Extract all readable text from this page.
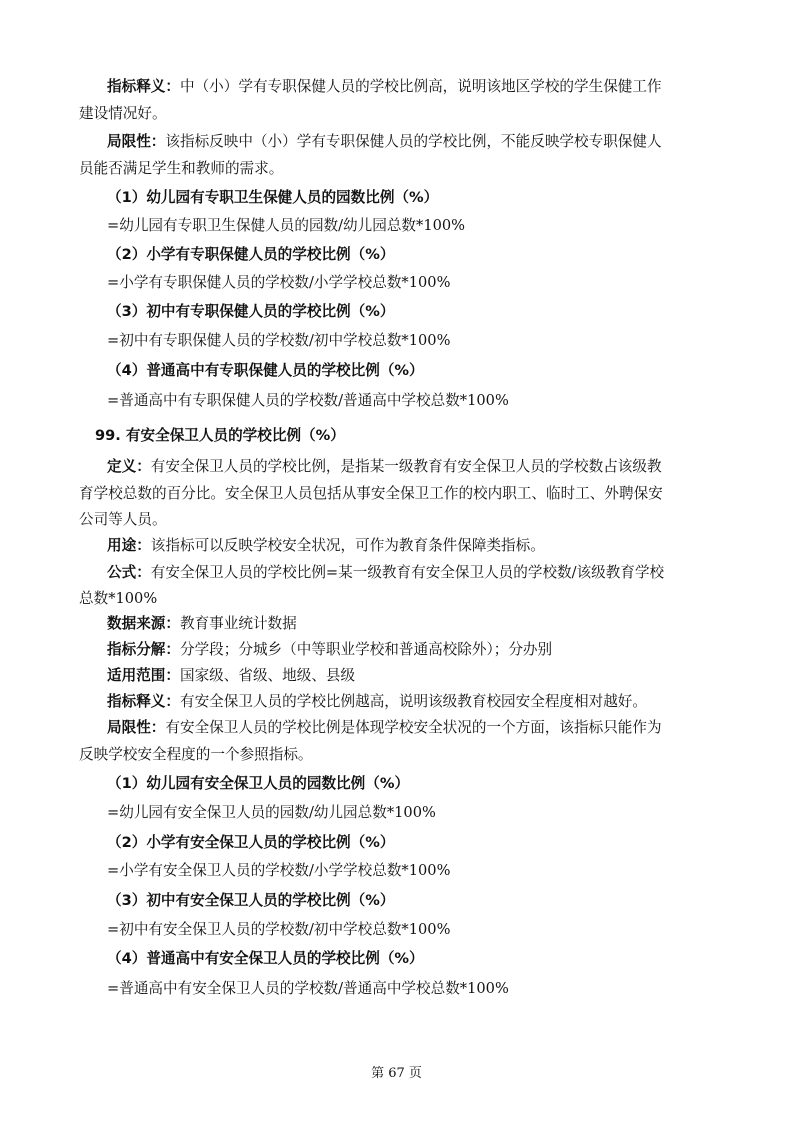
指标释义：中（小）学有专职保健人员的学校比例高，说明该地区学校的学生保健工作
建设情况好。
局限性：该指标反映中（小）学有专职保健人员的学校比例，不能反映学校专职保健人
员能否满足学生和教师的需求。
（1）幼儿园有专职卫生保健人员的园数比例（%）
=幼儿园有专职卫生保健人员的园数/幼儿园总数*100%
（2）小学有专职保健人员的学校比例（%）
=小学有专职保健人员的学校数/小学学校总数*100%
（3）初中有专职保健人员的学校比例（%）
=初中有专职保健人员的学校数/初中学校总数*100%
（4）普通高中有专职保健人员的学校比例（%）
=普通高中有专职保健人员的学校数/普通高中学校总数*100%
99. 有安全保卫人员的学校比例（%）
定义：有安全保卫人员的学校比例，是指某一级教育有安全保卫人员的学校数占该级教
育学校总数的百分比。安全保卫人员包括从事安全保卫工作的校内职工、临时工、外聘保安
公司等人员。
用途：该指标可以反映学校安全状况，可作为教育条件保障类指标。
公式：有安全保卫人员的学校比例=某一级教育有安全保卫人员的学校数/该级教育学校
总数*100%
数据来源：教育事业统计数据
指标分解：分学段；分城乡（中等职业学校和普通高校除外）；分办别
适用范围：国家级、省级、地级、县级
指标释义：有安全保卫人员的学校比例越高，说明该级教育校园安全程度相对越好。
局限性：有安全保卫人员的学校比例是体现学校安全状况的一个方面，该指标只能作为
反映学校安全程度的一个参照指标。
（1）幼儿园有安全保卫人员的园数比例（%）
=幼儿园有安全保卫人员的园数/幼儿园总数*100%
（2）小学有安全保卫人员的学校比例（%）
=小学有安全保卫人员的学校数/小学学校总数*100%
（3）初中有安全保卫人员的学校比例（%）
=初中有安全保卫人员的学校数/初中学校总数*100%
（4）普通高中有安全保卫人员的学校比例（%）
=普通高中有安全保卫人员的学校数/普通高中学校总数*100%
第 67 页
